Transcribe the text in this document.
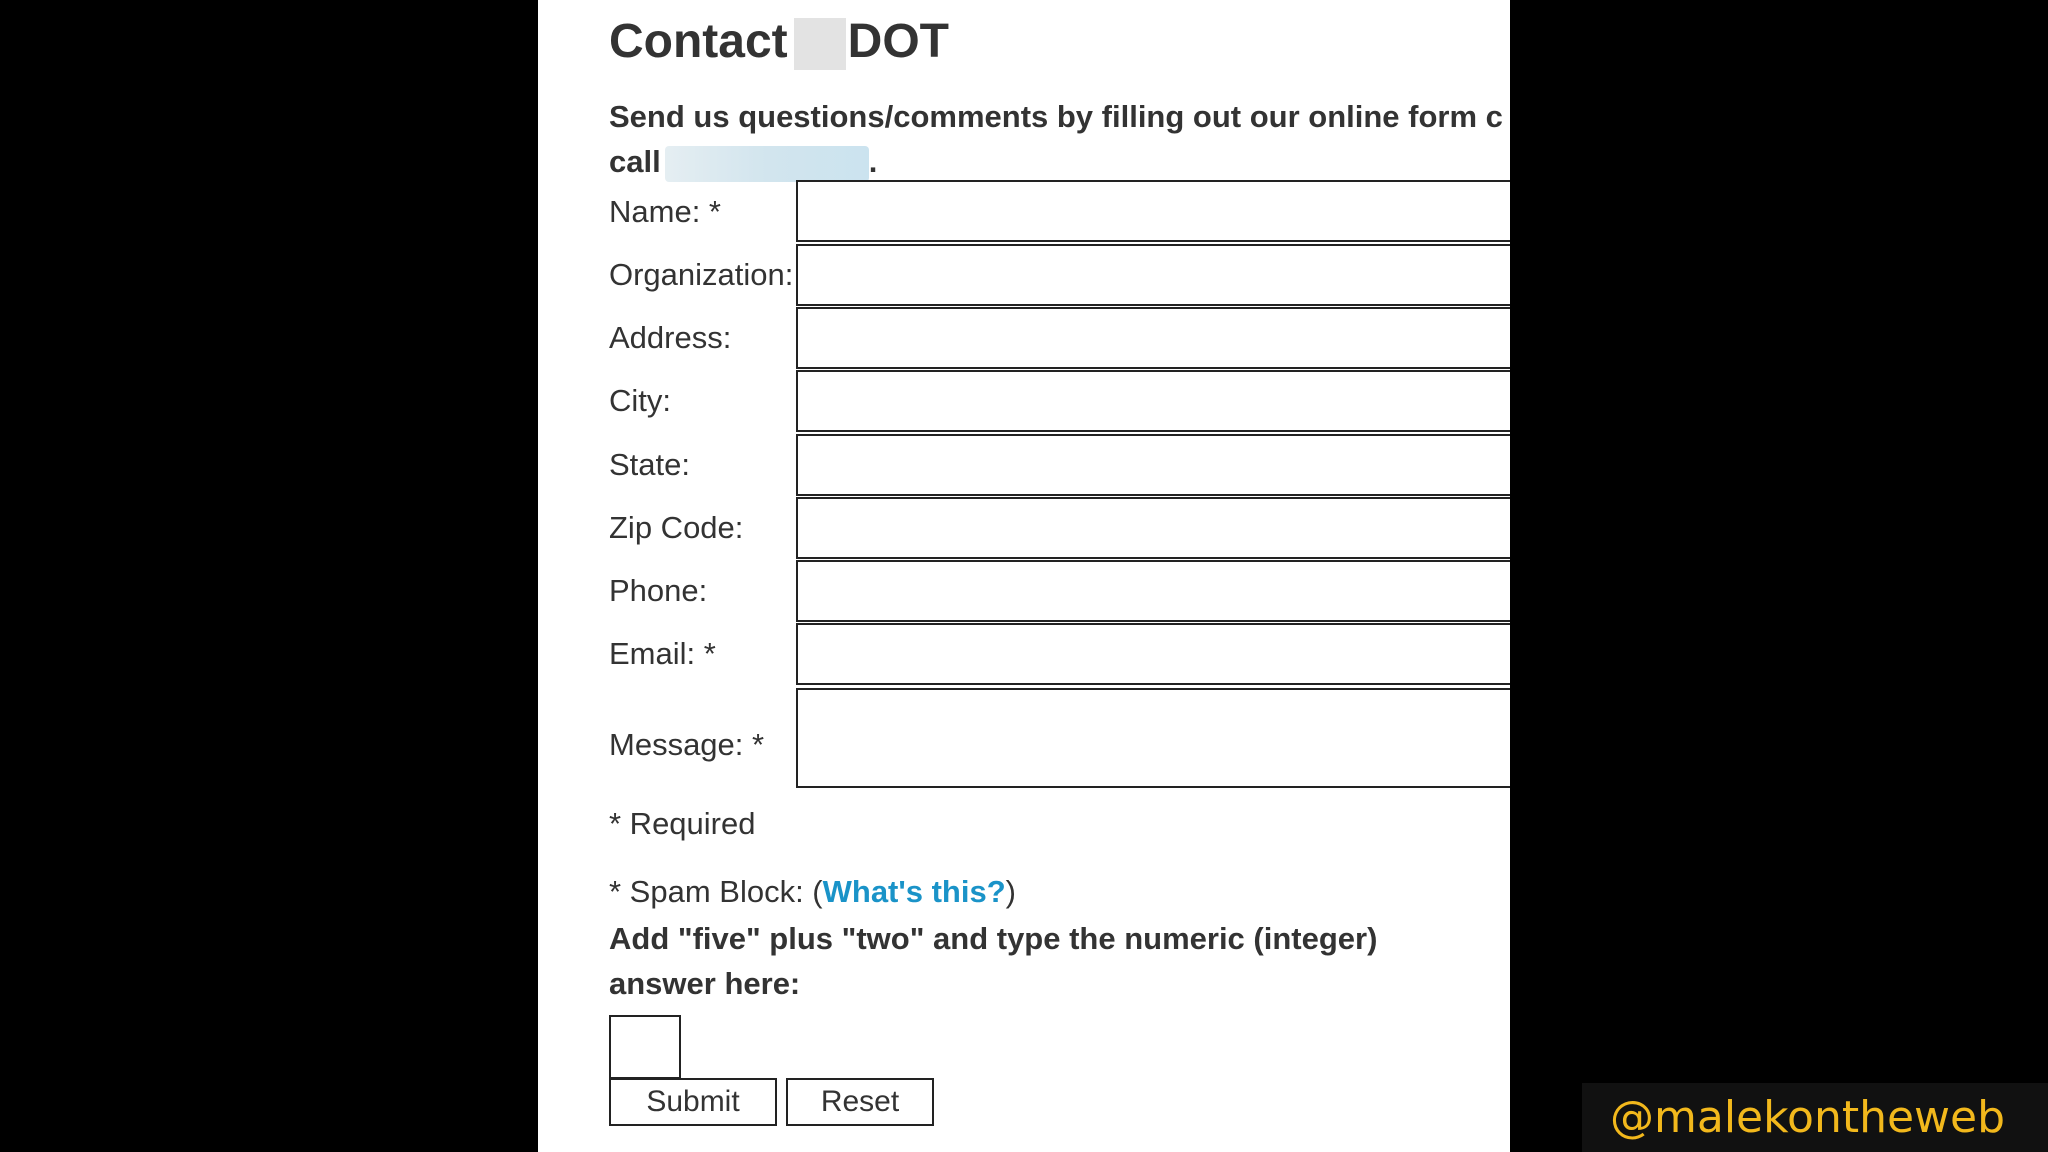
Contact DOT
Send us questions/comments by filling out our online form c
call	.
Name: *
Organization:
Address:
City:
State:
Zip Code:
Phone:
Email: *
Message: *
* Required
* Spam Block: (What's this?)
Add "five" plus "two" and type the numeric (integer) answer here:
Submit	Reset	@malekontheweb
